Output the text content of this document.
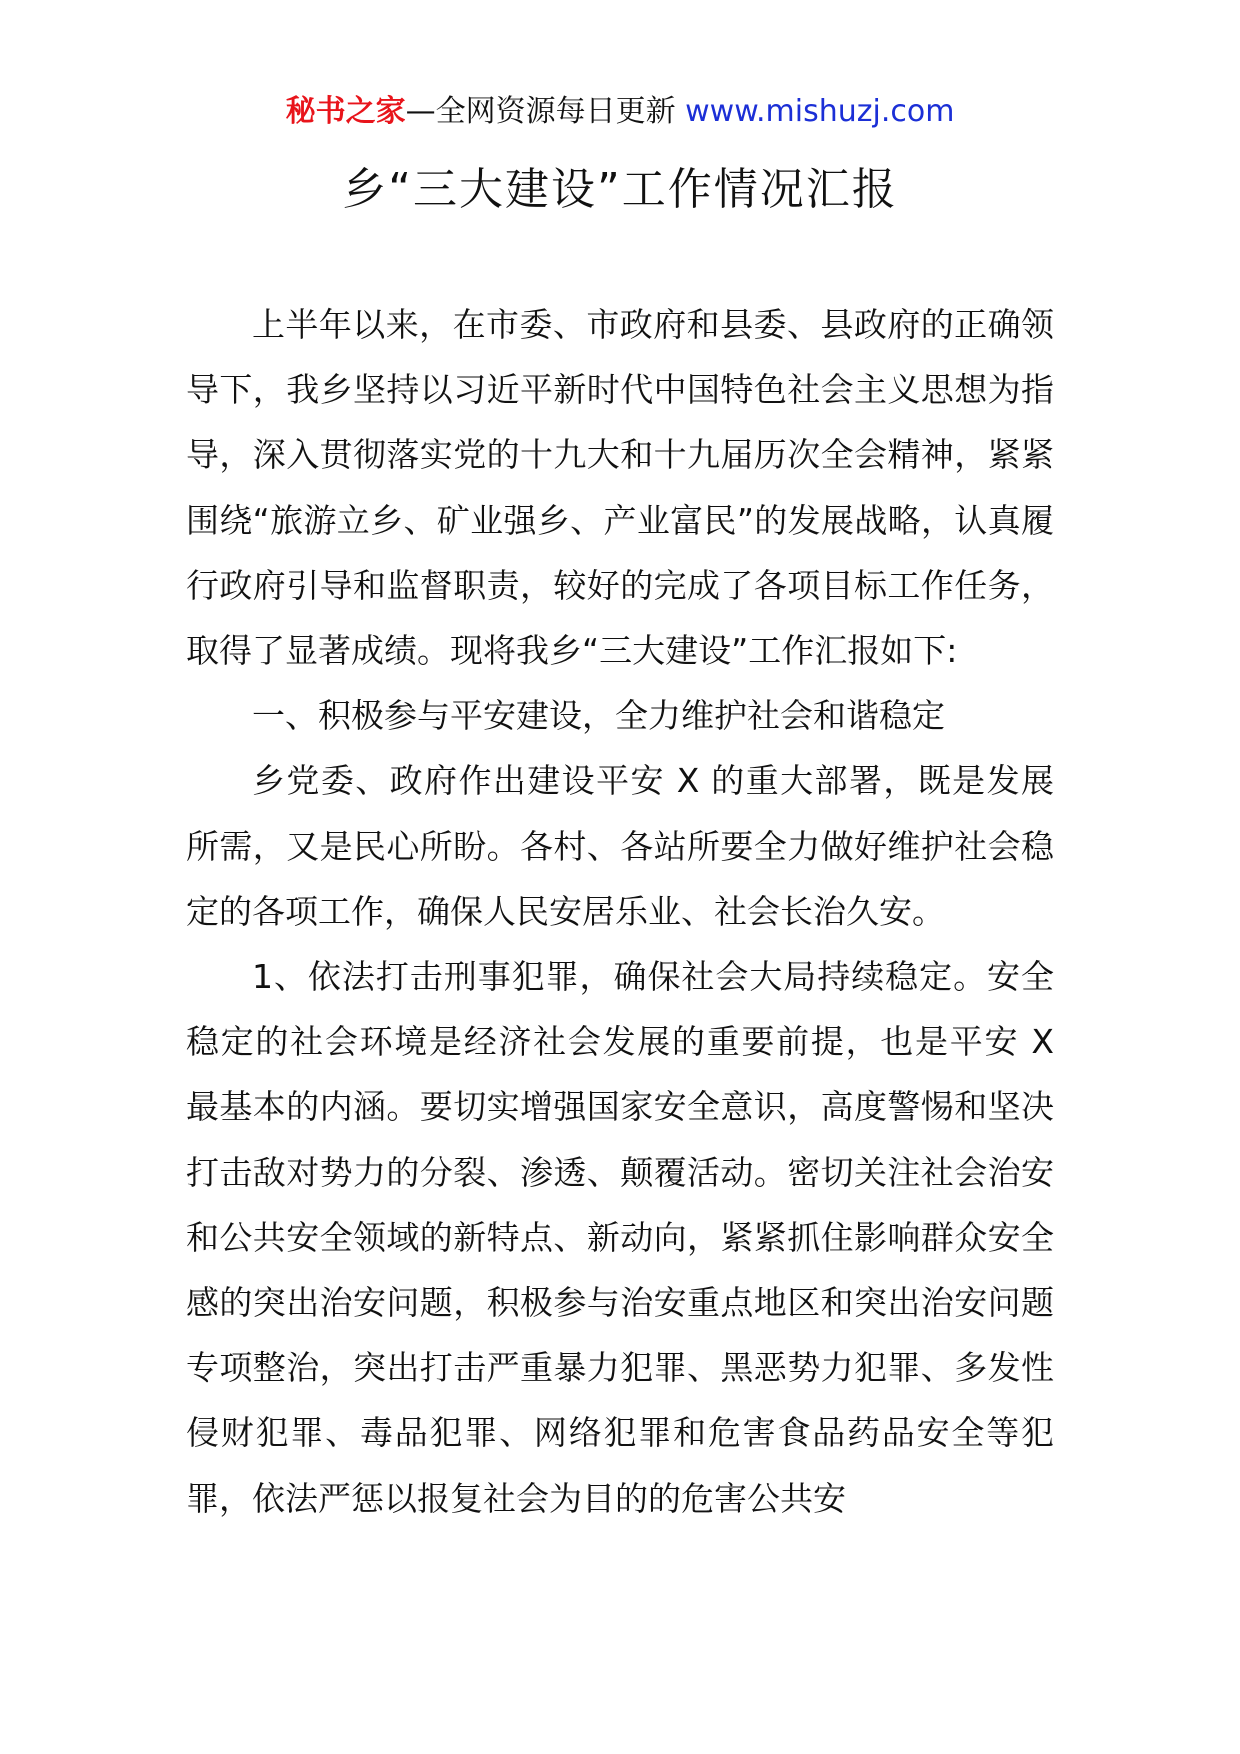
秘书之家—全网资源每日更新 www.mishuzj.com
乡“三大建设”工作情况汇报

上半年以来，在市委、市政府和县委、县政府的正确领导下，我乡坚持以习近平新时代中国特色社会主义思想为指导，深入贯彻落实党的十九大和十九届历次全会精神，紧紧围绕“旅游立乡、矿业强乡、产业富民”的发展战略，认真履行政府引导和监督职责，较好的完成了各项目标工作任务，取得了显著成绩。现将我乡“三大建设”工作汇报如下:

一、积极参与平安建设，全力维护社会和谐稳定

乡党委、政府作出建设平安 X 的重大部署，既是发展所需，又是民心所盼。各村、各站所要全力做好维护社会稳定的各项工作，确保人民安居乐业、社会长治久安。

1、依法打击刑事犯罪，确保社会大局持续稳定。安全稳定的社会环境是经济社会发展的重要前提，也是平安 X 最基本的内涵。要切实增强国家安全意识，高度警惕和坚决打击敌对势力的分裂、渗透、颠覆活动。密切关注社会治安和公共安全领域的新特点、新动向，紧紧抓住影响群众安全感的突出治安问题，积极参与治安重点地区和突出治安问题专项整治，突出打击严重暴力犯罪、黑恶势力犯罪、多发性侵财犯罪、毒品犯罪、网络犯罪和危害食品药品安全等犯罪，依法严惩以报复社会为目的的危害公共安
